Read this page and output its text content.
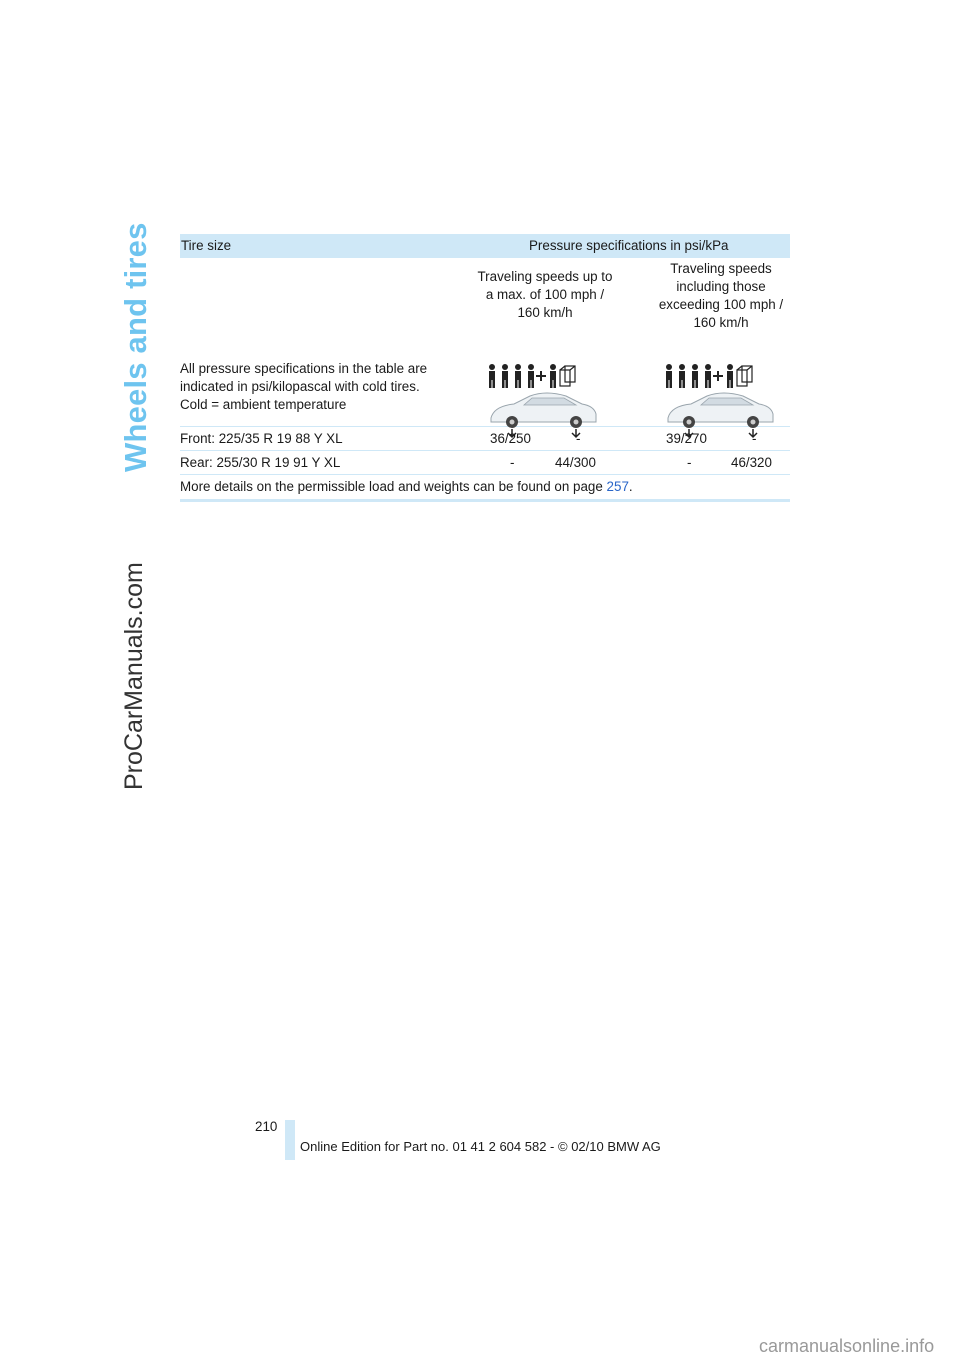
Wheels and tires
ProCarManuals.com
Tire size	Pressure specifications in psi/kPa
All pressure specifications in the table are indicated in psi/kilopascal with cold tires. Cold = ambient temperature
Traveling speeds up to a max. of 100 mph / 160 km/h
Traveling speeds including those exceeding 100 mph / 160 km/h
Front: 225/35 R 19 88 Y XL	36/250	-	39/270	-
Rear: 255/30 R 19 91 Y XL	-	44/300	-	46/320
More details on the permissible load and weights can be found on page 257.
210
Online Edition for Part no. 01 41 2 604 582 - © 02/10 BMW AG
carmanualsonline.info
